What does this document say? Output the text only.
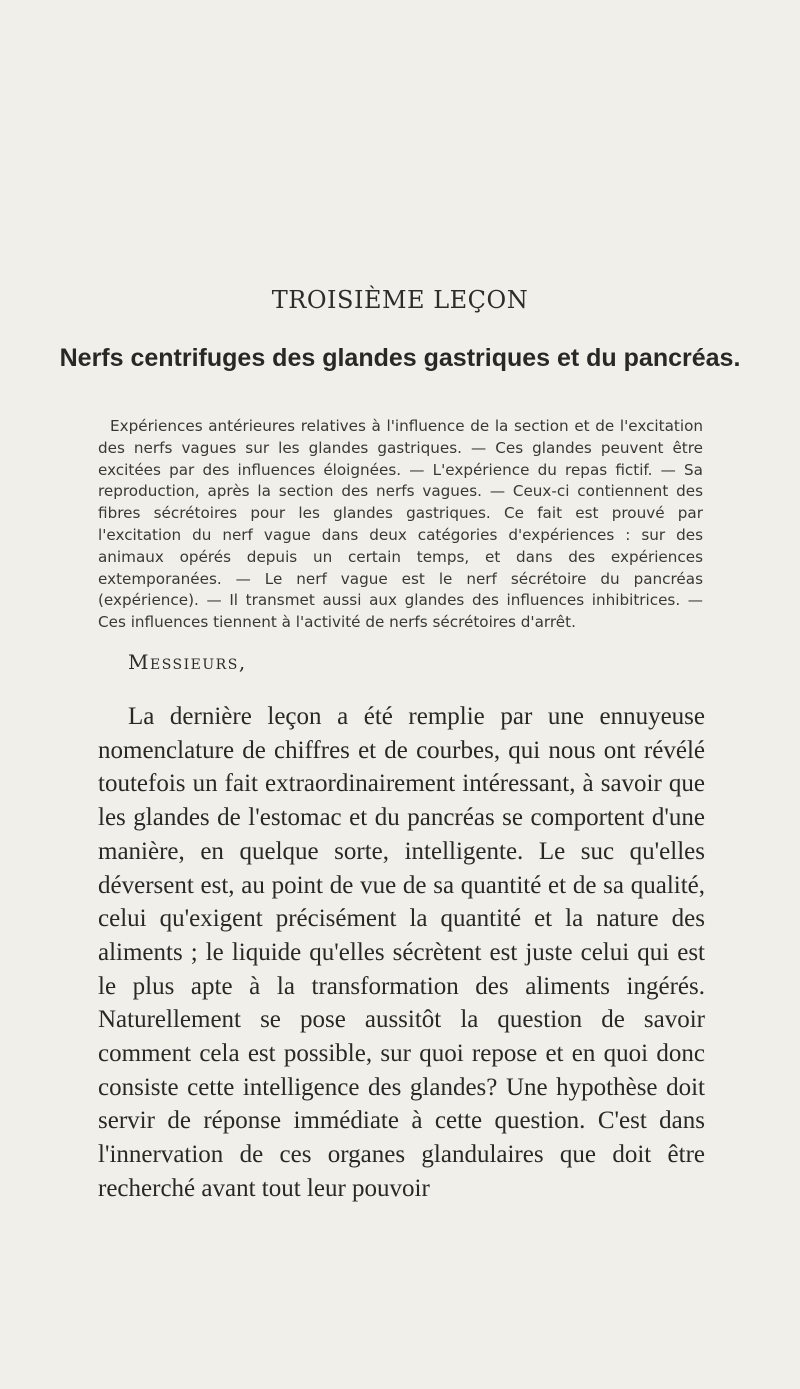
TROISIÈME LEÇON
Nerfs centrifuges des glandes gastriques et du pancréas.
Expériences antérieures relatives à l'influence de la section et de l'excitation des nerfs vagues sur les glandes gastriques. — Ces glandes peuvent être excitées par des influences éloignées. — L'expérience du repas fictif. — Sa reproduction, après la section des nerfs vagues. — Ceux-ci contiennent des fibres sécrétoires pour les glandes gastriques. Ce fait est prouvé par l'excitation du nerf vague dans deux catégories d'expériences : sur des animaux opérés depuis un certain temps, et dans des expériences extemporanées. — Le nerf vague est le nerf sécrétoire du pancréas (expérience). — Il transmet aussi aux glandes des influences inhibitrices. — Ces influences tiennent à l'activité de nerfs sécrétoires d'arrêt.
Messieurs,
La dernière leçon a été remplie par une ennuyeuse nomenclature de chiffres et de courbes, qui nous ont révélé toutefois un fait extraordinairement intéressant, à savoir que les glandes de l'estomac et du pancréas se comportent d'une manière, en quelque sorte, intelligente. Le suc qu'elles déversent est, au point de vue de sa quantité et de sa qualité, celui qu'exigent précisément la quantité et la nature des aliments ; le liquide qu'elles sécrètent est juste celui qui est le plus apte à la transformation des aliments ingérés. Naturellement se pose aussitôt la question de savoir comment cela est possible, sur quoi repose et en quoi donc consiste cette intelligence des glandes? Une hypothèse doit servir de réponse immédiate à cette question. C'est dans l'innervation de ces organes glandulaires que doit être recherché avant tout leur pouvoir
